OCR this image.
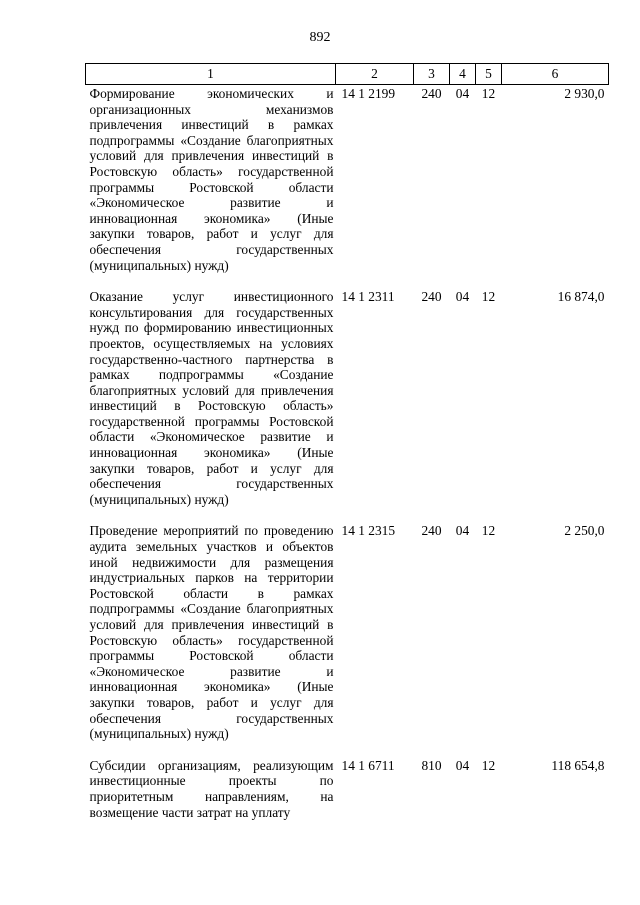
892
1	2	3	4	5	6
Формирование экономических и организационных механизмов привлечения инвестиций в рамках подпрограммы «Создание благоприятных условий для привлечения инвестиций в Ростовскую область» государственной программы Ростовской области «Экономическое развитие и инновационная экономика» (Иные закупки товаров, работ и услуг для обеспечения государственных (муниципальных) нужд)	14 1 2199	240	04	12	2 930,0
Оказание услуг инвестиционного консультирования для государственных нужд по формированию инвестиционных проектов, осуществляемых на условиях государственно-частного партнерства в рамках подпрограммы «Создание благоприятных условий для привлечения инвестиций в Ростовскую область» государственной программы Ростовской области «Экономическое развитие и инновационная экономика» (Иные закупки товаров, работ и услуг для обеспечения государственных (муниципальных) нужд)	14 1 2311	240	04	12	16 874,0
Проведение мероприятий по проведению аудита земельных участков и объектов иной недвижимости для размещения индустриальных парков на территории Ростовской области в рамках подпрограммы «Создание благоприятных условий для привлечения инвестиций в Ростовскую область» государственной программы Ростовской области «Экономическое развитие и инновационная экономика» (Иные закупки товаров, работ и услуг для обеспечения государственных (муниципальных) нужд)	14 1 2315	240	04	12	2 250,0
Субсидии организациям, реализующим инвестиционные проекты по приоритетным направлениям, на возмещение части затрат на уплату	14 1 6711	810	04	12	118 654,8
